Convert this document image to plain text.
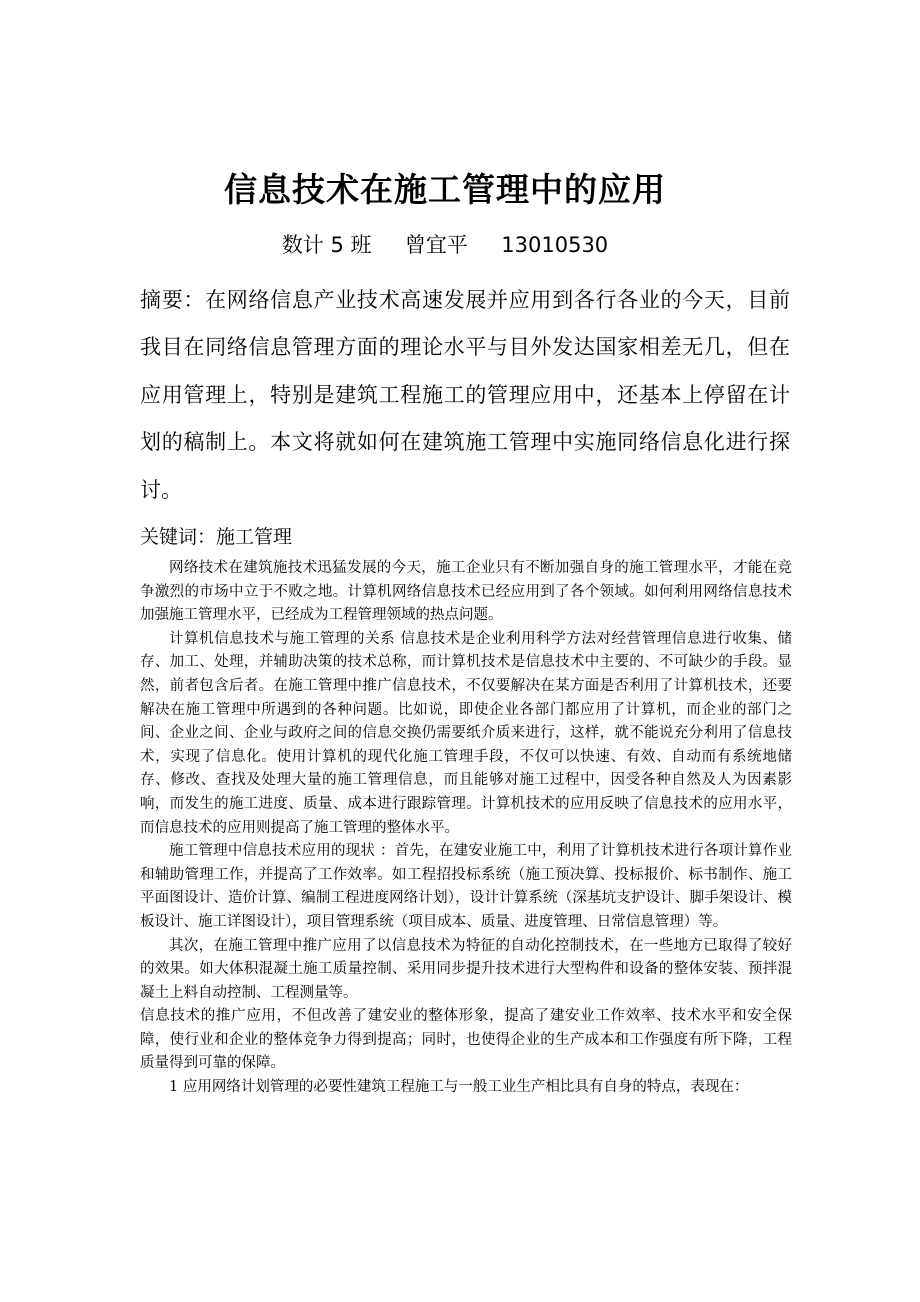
信息技术在施工管理中的应用
数计 5 班     曾宜平     13010530

摘要：在网络信息产业技术高速发展并应用到各行各业的今天，目前我目在同络信息管理方面的理论水平与目外发达国家相差无几，但在应用管理上，特别是建筑工程施工的管理应用中，还基本上停留在计划的稿制上。本文将就如何在建筑施工管理中实施同络信息化进行探讨。

关键词：施工管理

网络技术在建筑施技术迅猛发展的今天，施工企业只有不断加强自身的施工管理水平，才能在竞争激烈的市场中立于不败之地。计算机网络信息技术已经应用到了各个领域。如何利用网络信息技术加强施工管理水平，已经成为工程管理领域的热点问题。

计算机信息技术与施工管理的关系 信息技术是企业利用科学方法对经营管理信息进行收集、储存、加工、处理，并辅助决策的技术总称，而计算机技术是信息技术中主要的、不可缺少的手段。显然，前者包含后者。在施工管理中推广信息技术，不仅要解决在某方面是否利用了计算机技术，还要解决在施工管理中所遇到的各种问题。比如说，即使企业各部门都应用了计算机，而企业的部门之间、企业之间、企业与政府之间的信息交换仍需要纸介质来进行，这样，就不能说充分利用了信息技术，实现了信息化。使用计算机的现代化施工管理手段，不仅可以快速、有效、自动而有系统地储存、修改、查找及处理大量的施工管理信息，而且能够对施工过程中，因受各种自然及人为因素影响，而发生的施工进度、质量、成本进行跟踪管理。计算机技术的应用反映了信息技术的应用水平，而信息技术的应用则提高了施工管理的整体水平。

施工管理中信息技术应用的现状 ：首先，在建安业施工中，利用了计算机技术进行各项计算作业和辅助管理工作，并提高了工作效率。如工程招投标系统（施工预决算、投标报价、标书制作、施工平面图设计、造价计算、编制工程进度网络计划），设计计算系统（深基坑支护设计、脚手架设计、模板设计、施工详图设计），项目管理系统（项目成本、质量、进度管理、日常信息管理）等。

其次，在施工管理中推广应用了以信息技术为特征的自动化控制技术，在一些地方已取得了较好的效果。如大体积混凝土施工质量控制、采用同步提升技术进行大型构件和设备的整体安装、预拌混凝土上料自动控制、工程测量等。

信息技术的推广应用，不但改善了建安业的整体形象，提高了建安业工作效率、技术水平和安全保障，使行业和企业的整体竞争力得到提高；同时，也使得企业的生产成本和工作强度有所下降，工程质量得到可靠的保障。

1 应用网络计划管理的必要性建筑工程施工与一般工业生产相比具有自身的特点，表现在：
